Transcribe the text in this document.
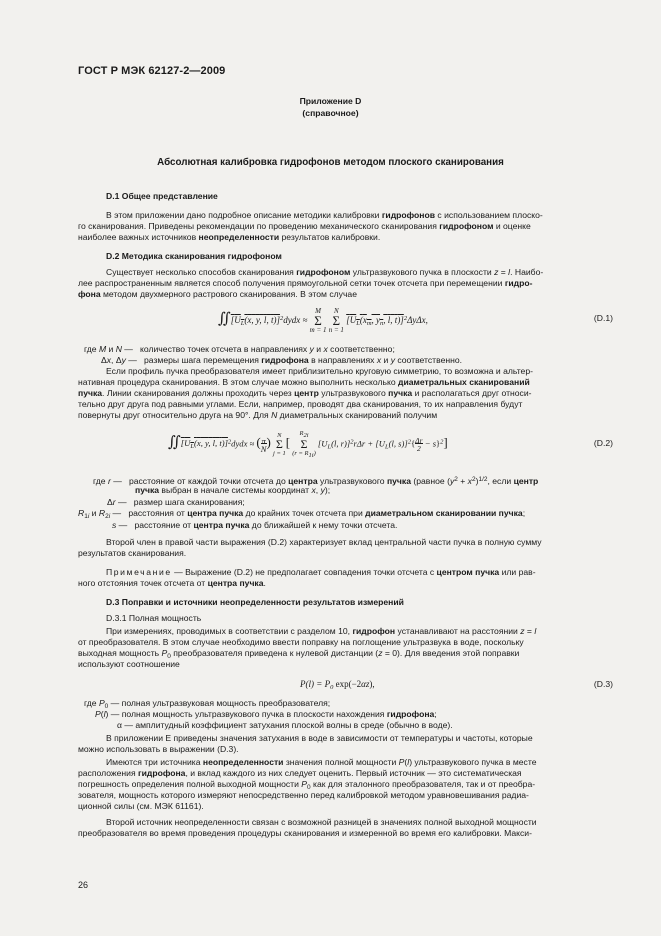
ГОСТ Р МЭК 62127-2—2009
Приложение D
(справочное)
Абсолютная калибровка гидрофонов методом плоского сканирования
D.1 Общее представление
В этом приложении дано подробное описание методики калибровки гидрофонов с использованием плоско-
го сканирования. Приведены рекомендации по проведению механического сканирования гидрофоном и оценке
наиболее важных источников неопределенности результатов калибровки.
D.2 Методика сканирования гидрофоном
Существует несколько способов сканирования гидрофоном ультразвукового пучка в плоскости z = l. Наибо-
лее распространенным является способ получения прямоугольной сетки точек отсчета при перемещении гидро-
фона методом двухмерного растрового сканирования. В этом случае
$∬[U_L(x$, y, l, t)]$^2$dydx ≈ M
Σ
m = 1 N
Σ
n = 1 [$U_L(x_m$, $y_n$, l, t)]$^2$ΔyΔx,	(D.1)
где M и N —   количество точек отсчета в направлениях y и x соответственно;
Δx, Δy —   размеры шага перемещения гидрофона в направлениях x и y соответственно.
Если профиль пучка преобразователя имеет приблизительно круговую симметрию, то возможна и альтер-
нативная процедура сканирования. В этом случае можно выполнить несколько диаметральных сканирований
пучка. Линии сканирования должны проходить через центр ультразвукового пучка и располагаться друг относи-
тельно друг друга под равными углами. Если, например, проводят два сканирования, то их направления будут
повернуты друг относительно друга на 90°. Для N диаметральных сканирований получим
$∬[U_L(x$, y, l, t)]$^2$dydx ≈ (π
N) N
Σ
j = 1[ $R_{2i}$
Σ
$(r = R_{1i})$ [$U_L(l$, $r)]^2r\Delta r + [U_L(l$, s)]$^2${Δr
2  − s}$^2$]	(D.2)
где r —   расстояние от каждой точки отсчета до центра ультразвукового пучка (равное $(y^2 + x^2)^{1/2}$, если центр
пучка выбран в начале системы координат x, y);
Δr —   размер шага сканирования;
$R_{1i}$ и $R_{2i}$ —   расстояния от центра пучка до крайних точек отсчета при диаметральном сканировании пучка;
s —   расстояние от центра пучка до ближайшей к нему точки отсчета.
Второй член в правой части выражения (D.2) характеризует вклад центральной части пучка в полную сумму
результатов сканирования.
Примечание — Выражение (D.2) не предполагает совпадения точки отсчета с центром пучка или рав-
ного отстояния точек отсчета от центра пучка.
D.3 Поправки и источники неопределенности результатов измерений
D.3.1 Полная мощность
При измерениях, проводимых в соответствии с разделом 10, гидрофон устанавливают на расстоянии z = l
от преобразователя. В этом случае необходимо ввести поправку на поглощение ультразвука в воде, поскольку
выходная мощность $P_0$ преобразователя приведена к нулевой дистанции (z = 0). Для введения этой поправки
используют соотношение
$P(l) = P_0$ exp(−2αz),	(D.3)
где $P_0$ — полная ультразвуковая мощность преобразователя;
P(l) — полная мощность ультразвукового пучка в плоскости нахождения гидрофона;
α — амплитудный коэффициент затухания плоской волны в среде (обычно в воде).
В приложении E приведены значения затухания в воде в зависимости от температуры и частоты, которые
можно использовать в выражении (D.3).
Имеются три источника неопределенности значения полной мощности P(l) ультразвукового пучка в месте
расположения гидрофона, и вклад каждого из них следует оценить. Первый источник — это систематическая
погрешность определения полной выходной мощности $P_0$ как для эталонного преобразователя, так и от преобра-
зователя, мощность которого измеряют непосредственно перед калибровкой методом уравновешивания радиа-
ционной силы (см. МЭК 61161).
Второй источник неопределенности связан с возможной разницей в значениях полной выходной мощности
преобразователя во время проведения процедуры сканирования и измеренной во время его калибровки. Макси-
26
